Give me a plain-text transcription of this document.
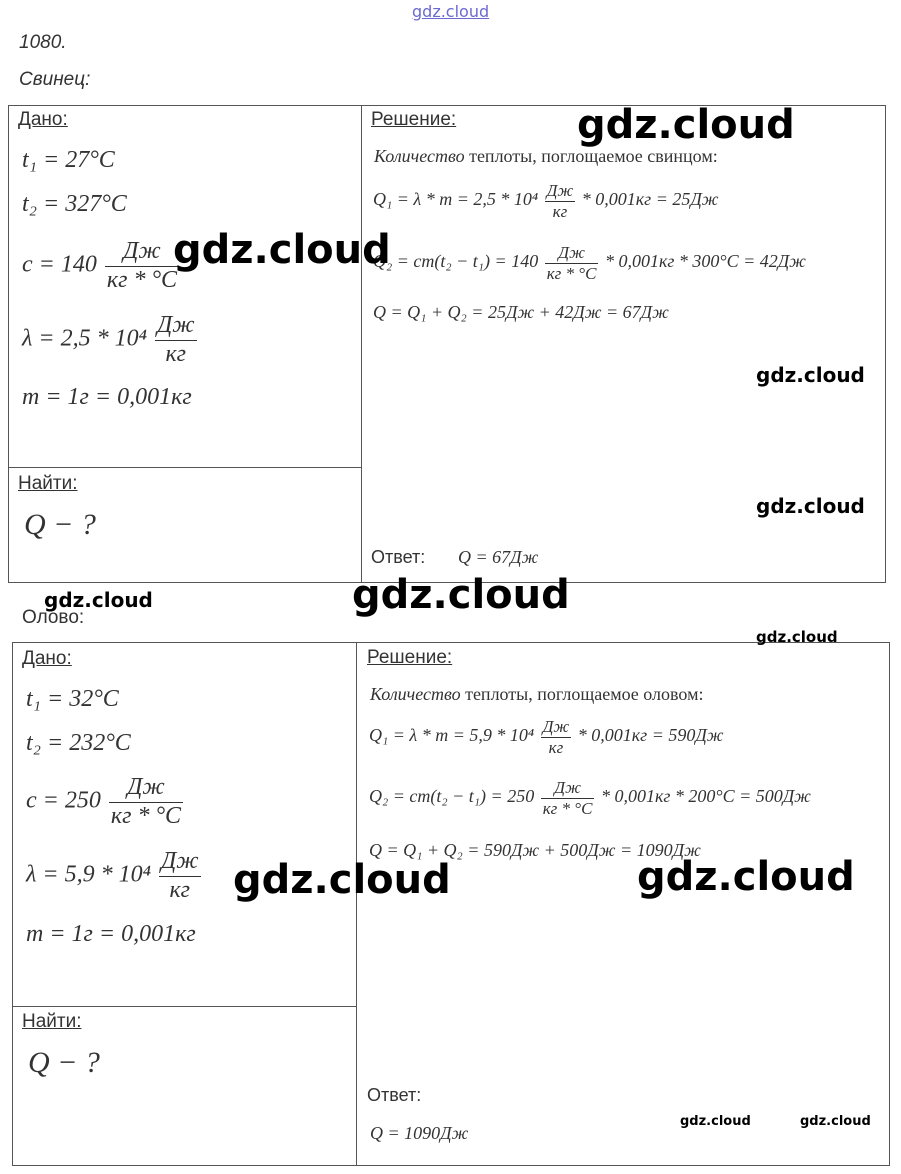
gdz.cloud
1080.
Свинец:
Дано:
t₁ = 27°C
t₂ = 327°C
$c = 140 \frac{Дж}{кг * ^\circ C}$
$\lambda = 2,5 * 10^4 \frac{Дж}{кг}$
m = 1г = 0,001кг
Найти:
Q − ?
Решение:
Количество теплоты, поглощаемое свинцом:
$Q_1 = \lambda * m = 2,5 * 10^4 \frac{Дж}{кг} * 0,001кг = 25Дж$
$Q_2 = cm(t_2 - t_1) = 140 \frac{Дж}{кг * ^\circ C} * 0,001кг * 300^\circ C = 42Дж$
Q = Q₁ + Q₂ = 25Дж + 42Дж = 67Дж
Ответ: Q = 67Дж
Олово:
Дано:
t₁ = 32°C
t₂ = 232°C
$c = 250 \frac{Дж}{кг * ^\circ C}$
$\lambda = 5,9 * 10^4 \frac{Дж}{кг}$
m = 1г = 0,001кг
Найти:
Q − ?
Решение:
Количество теплоты, поглощаемое оловом:
$Q_1 = \lambda * m = 5,9 * 10^4 \frac{Дж}{кг} * 0,001кг = 590Дж$
$Q_2 = cm(t_2 - t_1) = 250 \frac{Дж}{кг * ^\circ C} * 0,001кг * 200^\circ C = 500Дж$
Q = Q₁ + Q₂ = 590Дж + 500Дж = 1090Дж
Ответ:
Q = 1090Дж
gdz.cloud
gdz.cloud
gdz.cloud
gdz.cloud
gdz.cloud
gdz.cloud
gdz.cloud
gdz.cloud	gdz.cloud
gdz.cloud	gdz.cloud
